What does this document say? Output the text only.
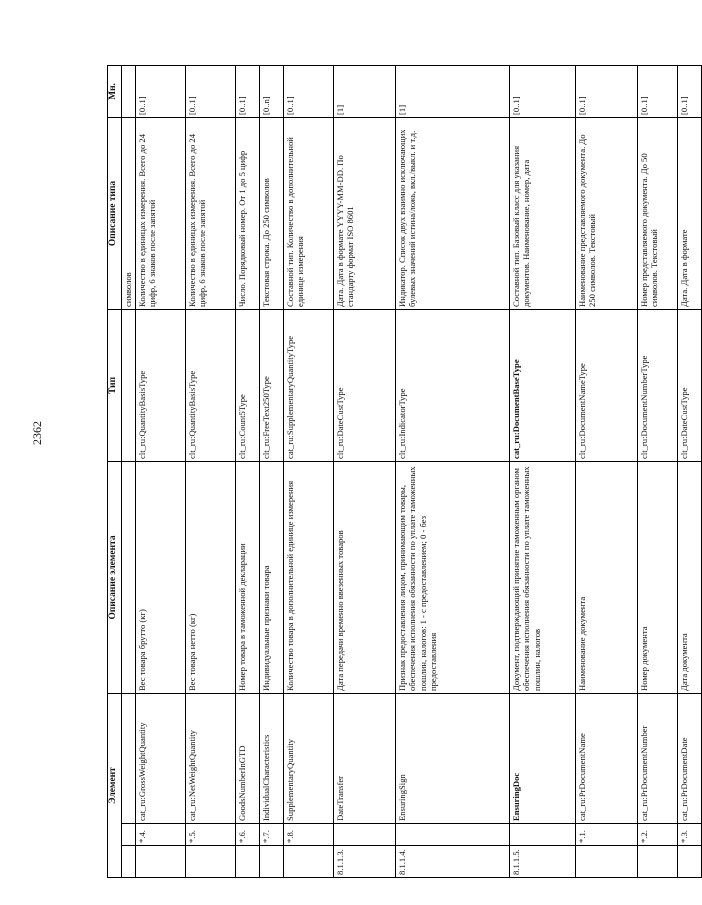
2362
Элемент			Описание элемента	Тип	Описание типа	Мн.
					символов	
	*.4.	cat_ru:GrossWeightQuantity	Вес товара брутто (кг)	clt_ru:QuantityBasisType	Количество в единицах измерения. Всего до 24 цифр, 6 знаков после запятой	[0..1]
	*.5.	cat_ru:NetWeightQuantity	Вес товара нетто (кг)	clt_ru:QuantityBasisType	Количество в единицах измерения. Всего до 24 цифр, 6 знаков после запятой	[0..1]
	*.6.	GoodsNumberInGTD	Номер товара в таможенной декларации	clt_ru:Count5Type	Число. Порядковый номер. От 1 до 5 цифр	[0..1]
	*.7.	IndividualCharacteristics	Индивидуальные признаки товара	clt_ru:FreeText250Type	Текстовая строка. До 250 символов	[0..n]
	*.8.	SupplementaryQuantity	Количество товара в дополнительной единице измерения	cat_ru:SupplementaryQuantityType	Составной тип. Количество в дополнительной единице измерения	[0..1]
8.1.1.3.		DateTransfer	Дата передачи временно ввезенных товаров	clt_ru:DateCustType	Дата. Дата в формате YYYY-MM-DD. По стандарту формат ISO 8601	[1]
8.1.1.4.		EnsuringSign	Признак предоставления лицом, принимающим товары, обеспечения исполнения обязанности по уплате таможенных пошлин, налогов: 1 - с предоставлением; 0 - без предоставления	clt_ru:IndicatorType	Индикатор. Список двух взаимно исключающих булевых значений истина/ложь, вкл./выкл. и т.д.	[1]
8.1.1.5.		EnsuringDoc	Документ, подтверждающий принятие таможенным органом обеспечения исполнения обязанности по уплате таможенных пошлин, налогов	cat_ru:DocumentBaseType	Составной тип. Базовый класс для указания документов. Наименование, номер, дата	[0..1]
	*.1.	cat_ru:PrDocumentName	Наименование документа	clt_ru:DocumentNameType	Наименование представляемого документа. До 250 символов. Текстовый	[0..1]
	*.2.	cat_ru:PrDocumentNumber	Номер документа	clt_ru:DocumentNumberType	Номер представляемого документа. До 50 символов. Текстовый	[0..1]
	*.3.	cat_ru:PrDocumentDate	Дата документа	clt_ru:DateCustType	Дата. Дата в формате	[0..1]
